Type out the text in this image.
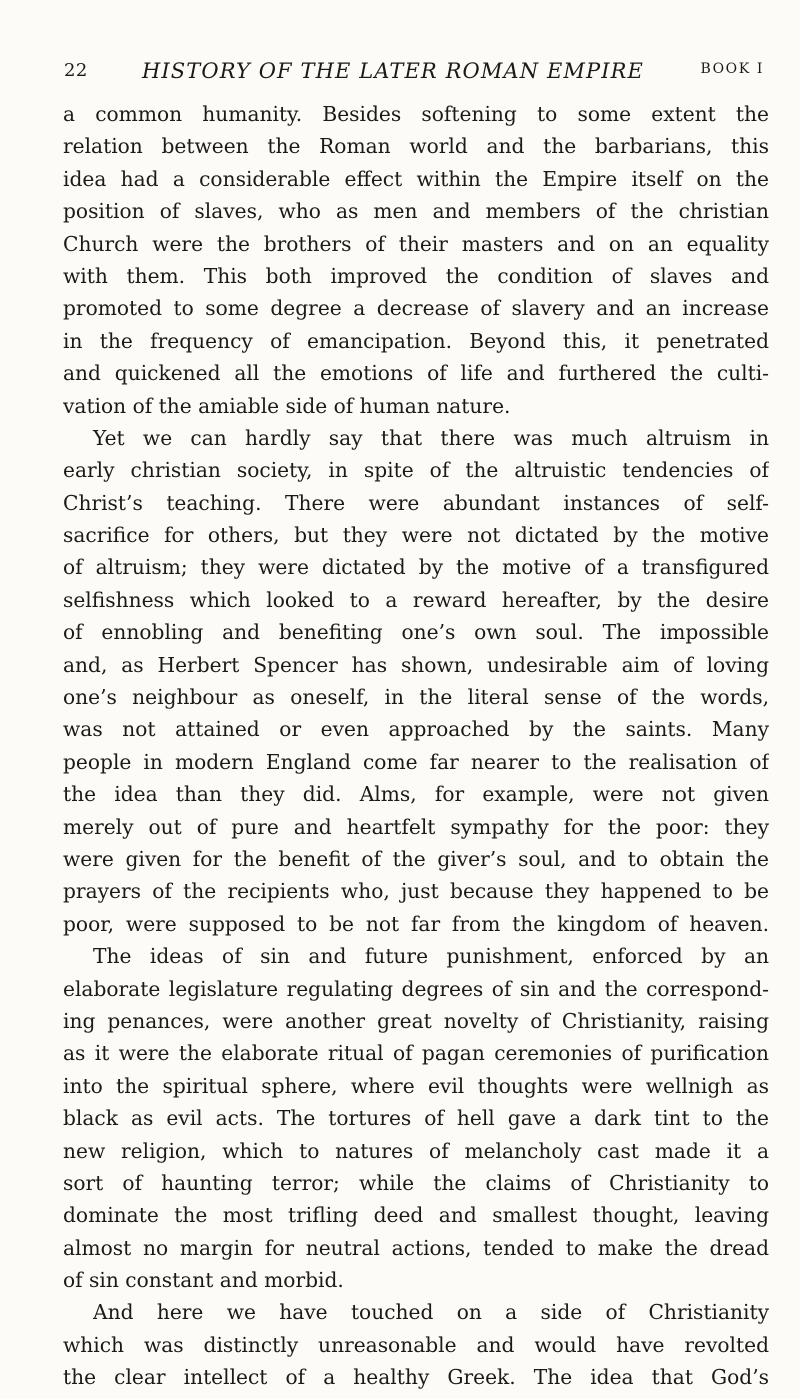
22	HISTORY OF THE LATER ROMAN EMPIRE	BOOK I
a common humanity. Besides softening to some extent the
relation between the Roman world and the barbarians, this
idea had a considerable effect within the Empire itself on the
position of slaves, who as men and members of the christian
Church were the brothers of their masters and on an equality
with them. This both improved the condition of slaves and
promoted to some degree a decrease of slavery and an increase
in the frequency of emancipation. Beyond this, it penetrated
and quickened all the emotions of life and furthered the culti-
vation of the amiable side of human nature.
Yet we can hardly say that there was much altruism in
early christian society, in spite of the altruistic tendencies of
Christ’s teaching. There were abundant instances of self-
sacrifice for others, but they were not dictated by the motive
of altruism; they were dictated by the motive of a transfigured
selfishness which looked to a reward hereafter, by the desire
of ennobling and benefiting one’s own soul. The impossible
and, as Herbert Spencer has shown, undesirable aim of loving
one’s neighbour as oneself, in the literal sense of the words,
was not attained or even approached by the saints. Many
people in modern England come far nearer to the realisation of
the idea than they did. Alms, for example, were not given
merely out of pure and heartfelt sympathy for the poor: they
were given for the benefit of the giver’s soul, and to obtain the
prayers of the recipients who, just because they happened to be
poor, were supposed to be not far from the kingdom of heaven.
The ideas of sin and future punishment, enforced by an
elaborate legislature regulating degrees of sin and the correspond-
ing penances, were another great novelty of Christianity, raising
as it were the elaborate ritual of pagan ceremonies of purification
into the spiritual sphere, where evil thoughts were wellnigh as
black as evil acts. The tortures of hell gave a dark tint to the
new religion, which to natures of melancholy cast made it a
sort of haunting terror; while the claims of Christianity to
dominate the most trifling deed and smallest thought, leaving
almost no margin for neutral actions, tended to make the dread
of sin constant and morbid.
And here we have touched on a side of Christianity
which was distinctly unreasonable and would have revolted
the clear intellect of a healthy Greek. The idea that God’s
